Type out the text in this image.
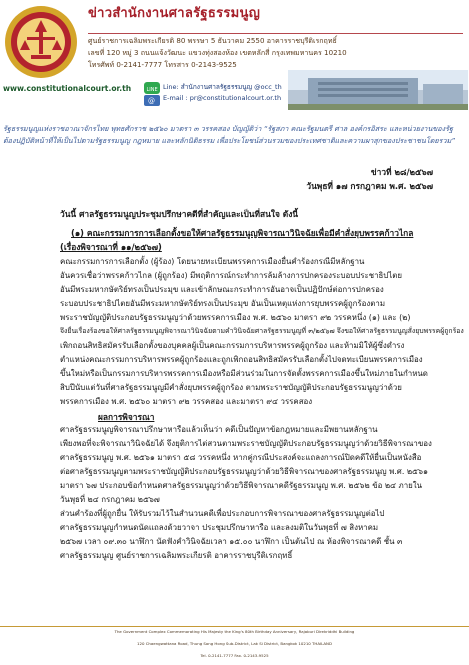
ข่าวสำนักงานศาลรัฐธรรมนูญ
ศูนย์ราชการเฉลิมพระเกียรติ 80 พรรษา 5 ธันวาคม 2550 อาคารราชบุรีดิเรกฤทธิ์
เลขที่ 120 หมู่ 3 ถนนแจ้งวัฒนะ แขวงทุ่งสองห้อง เขตหลักสี่ กรุงเทพมหานคร 10210
โทรศัพท์ 0-2141-7777 โทรสาร 0-2143-9525
www.constitutionalcourt.or.th	LINE
@
Line: สำนักงานศาลรัฐธรรมนูญ @occ_th
E-mail : pr@constitutionalcourt.or.th
รัฐธรรมนูญแห่งราชอาณาจักรไทย พุทธศักราช ๒๕๖๐ มาตรา ๓ วรรคสอง บัญญัติว่า “รัฐสภา คณะรัฐมนตรี ศาล องค์กรอิสระ และหน่วยงานของรัฐ
ต้องปฏิบัติหน้าที่ให้เป็นไปตามรัฐธรรมนูญ กฎหมาย และหลักนิติธรรม เพื่อประโยชน์ส่วนรวมของประเทศชาติและความผาสุกของประชาชนโดยรวม”
ข่าวที่ ๒๘/๒๕๖๗
วันพุธที่ ๑๗ กรกฎาคม พ.ศ. ๒๕๖๗
วันนี้ ศาลรัฐธรรมนูญประชุมปรึกษาคดีที่สำคัญและเป็นที่สนใจ ดังนี้
(๑) คณะกรรมการการเลือกตั้งขอให้ศาลรัฐธรรมนูญพิจารณาวินิจฉัยเพื่อมีคำสั่งยุบพรรคก้าวไกล
(เรื่องพิจารณาที่ ๑๑/๒๕๖๗)
คณะกรรมการการเลือกตั้ง (ผู้ร้อง) โดยนายทะเบียนพรรคการเมืองยื่นคำร้องกรณีมีหลักฐาน
อันควรเชื่อว่าพรรคก้าวไกล (ผู้ถูกร้อง) มีพฤติการณ์กระทำการล้มล้างการปกครองระบอบประชาธิปไตย
อันมีพระมหากษัตริย์ทรงเป็นประมุข และเข้าลักษณะกระทำการอันอาจเป็นปฏิปักษ์ต่อการปกครอง
ระบอบประชาธิปไตยอันมีพระมหากษัตริย์ทรงเป็นประมุข อันเป็นเหตุแห่งการยุบพรรคผู้ถูกร้องตาม
พระราชบัญญัติประกอบรัฐธรรมนูญว่าด้วยพรรคการเมือง พ.ศ. ๒๕๖๐ มาตรา ๙๒ วรรคหนึ่ง (๑) และ (๒)
จึงยื่นเรื่องร้องขอให้ศาลรัฐธรรมนูญพิจารณาวินิจฉัยตามคำวินิจฉัยศาลรัฐธรรมนูญที่ ๓/๒๕๖๗ จึงขอให้ศาลรัฐธรรมนูญสั่งยุบพรรคผู้ถูกร้อง
เพิกถอนสิทธิสมัครรับเลือกตั้งของบุคคลผู้เป็นคณะกรรมการบริหารพรรคผู้ถูกร้อง และห้ามมิให้ผู้ซึ่งดำรง
ตำแหน่งคณะกรรมการบริหารพรรคผู้ถูกร้องและถูกเพิกถอนสิทธิสมัครรับเลือกตั้งไปจดทะเบียนพรรคการเมือง
ขึ้นใหม่หรือเป็นกรรมการบริหารพรรคการเมืองหรือมีส่วนร่วมในการจัดตั้งพรรคการเมืองขึ้นใหม่ภายในกำหนด
สิบปีนับแต่วันที่ศาลรัฐธรรมนูญมีคำสั่งยุบพรรคผู้ถูกร้อง ตามพระราชบัญญัติประกอบรัฐธรรมนูญว่าด้วย
พรรคการเมือง พ.ศ. ๒๕๖๐ มาตรา ๙๒ วรรคสอง และมาตรา ๙๔ วรรคสอง
ผลการพิจารณา
ศาลรัฐธรรมนูญพิจารณาปรึกษาหารือแล้วเห็นว่า คดีเป็นปัญหาข้อกฎหมายและมีพยานหลักฐาน
เพียงพอที่จะพิจารณาวินิจฉัยได้ จึงยุติการไต่สวนตามพระราชบัญญัติประกอบรัฐธรรมนูญว่าด้วยวิธีพิจารณาของ
ศาลรัฐธรรมนูญ พ.ศ. ๒๕๖๑ มาตรา ๕๘ วรรคหนึ่ง หากคู่กรณีประสงค์จะแถลงการณ์ปิดคดีให้ยื่นเป็นหนังสือ
ต่อศาลรัฐธรรมนูญตามพระราชบัญญัติประกอบรัฐธรรมนูญว่าด้วยวิธีพิจารณาของศาลรัฐธรรมนูญ พ.ศ. ๒๕๖๑
มาตรา ๖๗ ประกอบข้อกำหนดศาลรัฐธรรมนูญว่าด้วยวิธีพิจารณาคดีรัฐธรรมนูญ พ.ศ. ๒๕๖๒ ข้อ ๒๔ ภายใน
วันพุธที่ ๒๔ กรกฎาคม ๒๕๖๗
ส่วนคำร้องที่ผู้ถูกยื่น ให้รับรวมไว้ในสำนวนคดีเพื่อประกอบการพิจารณาของศาลรัฐธรรมนูญต่อไป
ศาลรัฐธรรมนูญกำหนดนัดแถลงด้วยวาจา ประชุมปรึกษาหารือ และลงมติในวันพุธที่ ๗ สิงหาคม
๒๕๖๗ เวลา ๐๙.๓๐ นาฬิกา นัดฟังคำวินิจฉัยเวลา ๑๕.๐๐ นาฬิกา เป็นต้นไป ณ ห้องพิจารณาคดี ชั้น ๓
ศาลรัฐธรรมนูญ ศูนย์ราชการเฉลิมพระเกียรติ อาคารราชบุรีดิเรกฤทธิ์
The Government Complex Commemorating His Majesty the King's 80th Birthday Anniversary, Rajaburi Direkriddhi Building
120 Chaengwattana Road, Thung Song Hong Sub-District, Lak Si District, Bangkok 10210 THAILAND
Tel. 0-2141-7777 Fax. 0-2143-9525
